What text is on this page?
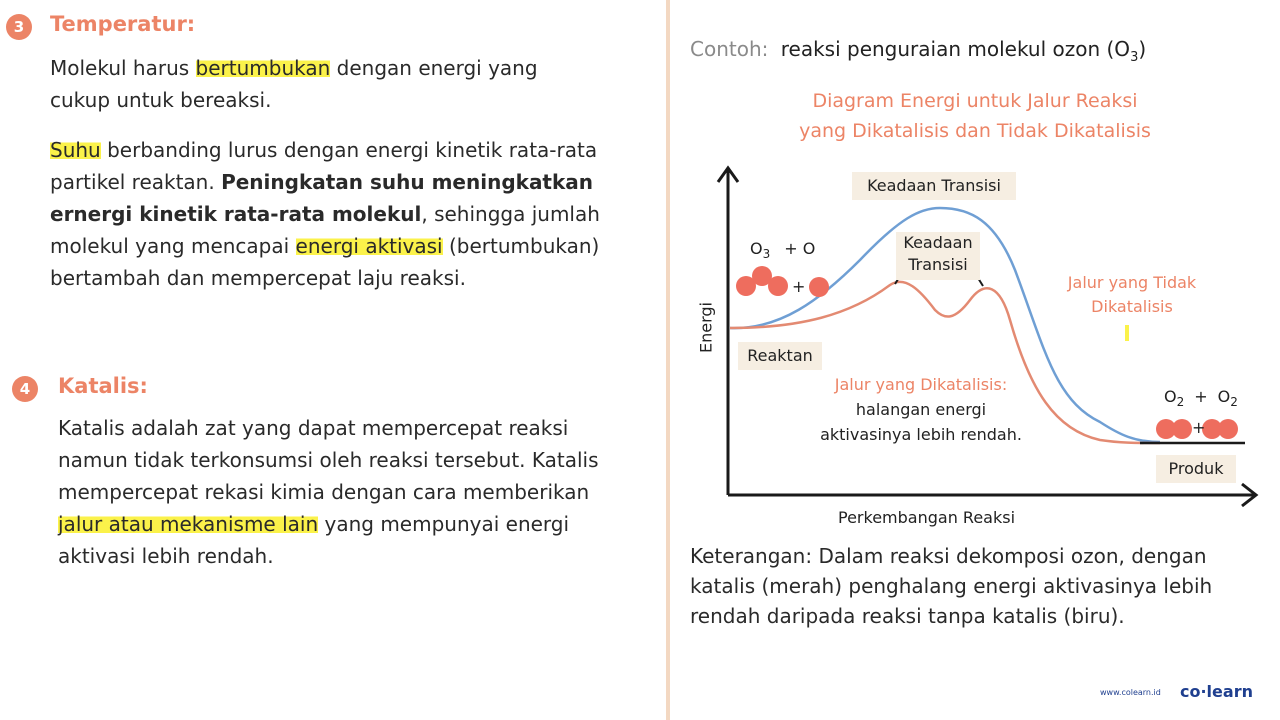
3	Temperatur:
Molekul harus bertumbukan dengan energi yang
cukup untuk bereaksi.
Suhu berbanding lurus dengan energi kinetik rata-rata
partikel reaktan. Peningkatan suhu meningkatkan
ernergi kinetik rata-rata molekul, sehingga jumlah
molekul yang mencapai energi aktivasi (bertumbukan)
bertambah dan mempercepat laju reaksi.
4	Katalis:
Katalis adalah zat yang dapat mempercepat reaksi
namun tidak terkonsumsi oleh reaksi tersebut. Katalis
mempercepat rekasi kimia dengan cara memberikan
jalur atau mekanisme lain yang mempunyai energi
aktivasi lebih rendah.
Contoh: reaksi penguraian molekul ozon $(O_3)$
Diagram Energi untuk Jalur Reaksi
yang Dikatalisis dan Tidak Dikatalisis
Energi
Perkembangan Reaksi
Keadaan Transisi
Keadaan
Transisi
$O_3 + O$
+
Reaktan
Jalur yang Tidak
Dikatalisis
Jalur yang Dikatalisis:
halangan energi
aktivasinya lebih rendah.
$O_2 + O_2$
+
Produk
Keterangan: Dalam reaksi dekomposi ozon, dengan
katalis (merah) penghalang energi aktivasinya lebih
rendah daripada reaksi tanpa katalis (biru).
www.colearn.id co·learn
